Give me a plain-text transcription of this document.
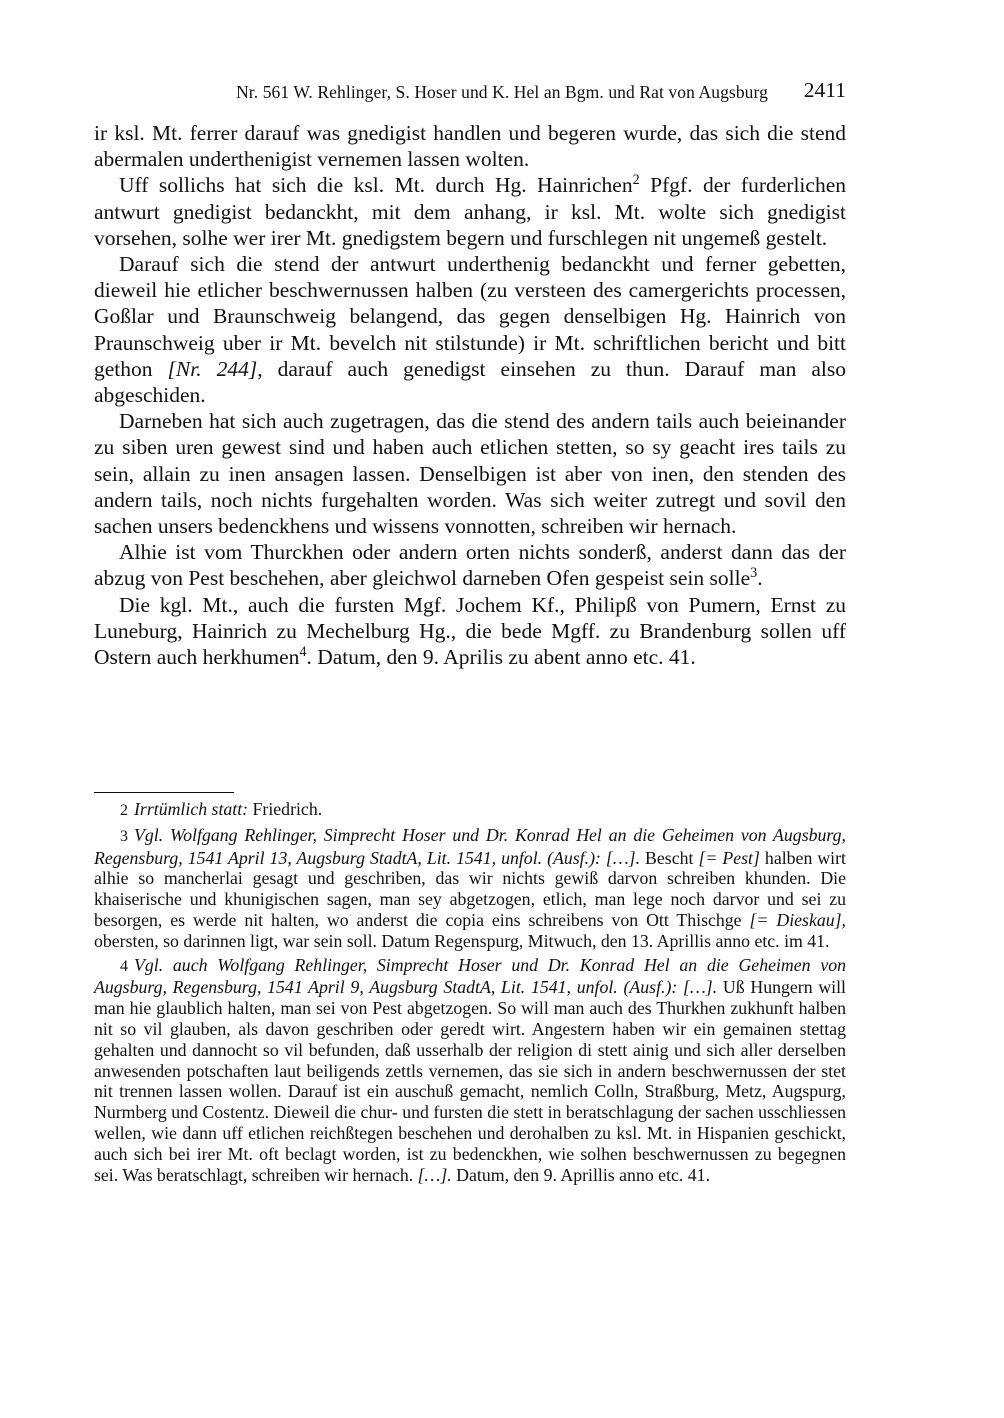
Nr. 561 W. Rehlinger, S. Hoser und K. Hel an Bgm. und Rat von Augsburg 2411

ir ksl. Mt. ferrer darauf was gnedigist handlen und begeren wurde, das sich die stend abermalen underthenigist vernemen lassen wolten.

Uff sollichs hat sich die ksl. Mt. durch Hg. Hainrichen$^2$ Pfgf. der furderlichen antwurt gnedigist bedanckht, mit dem anhang, ir ksl. Mt. wolte sich gnedigist vorsehen, solhe wer irer Mt. gnedigstem begern und furschlegen nit ungemeß gestelt.

Darauf sich die stend der antwurt underthenig bedanckht und ferner gebetten, dieweil hie etlicher beschwernussen halben (zu versteen des camergerichts processen, Goßlar und Braunschweig belangend, das gegen denselbigen Hg. Hainrich von Praunschweig uber ir Mt. bevelch nit stilstunde) ir Mt. schriftlichen bericht und bitt gethon [Nr. 244], darauf auch genedigst einsehen zu thun. Darauf man also abgeschiden.

Darneben hat sich auch zugetragen, das die stend des andern tails auch beieinander zu siben uren gewest sind und haben auch etlichen stetten, so sy geacht ires tails zu sein, allain zu inen ansagen lassen. Denselbigen ist aber von inen, den stenden des andern tails, noch nichts furgehalten worden. Was sich weiter zutregt und sovil den sachen unsers bedenckhens und wissens vonnotten, schreiben wir hernach.

Alhie ist vom Thurckhen oder andern orten nichts sonderß, anderst dann das der abzug von Pest beschehen, aber gleichwol darneben Ofen gespeist sein solle$^3$.

Die kgl. Mt., auch die fursten Mgf. Jochem Kf., Philipß von Pumern, Ernst zu Luneburg, Hainrich zu Mechelburg Hg., die bede Mgff. zu Brandenburg sollen uff Ostern auch herkhumen$^4$. Datum, den 9. Aprilis zu abent anno etc. 41.

2 Irrtümlich statt: Friedrich.

3 Vgl. Wolfgang Rehlinger, Simprecht Hoser und Dr. Konrad Hel an die Geheimen von Augsburg, Regensburg, 1541 April 13, Augsburg StadtA, Lit. 1541, unfol. (Ausf.): […]. Bescht [= Pest] halben wirt alhie so mancherlai gesagt und geschriben, das wir nichts gewiß darvon schreiben khunden. Die khaiserische und khunigischen sagen, man sey abgetzogen, etlich, man lege noch darvor und sei zu besorgen, es werde nit halten, wo anderst die copia eins schreibens von Ott Thischge [= Dieskau], obersten, so darinnen ligt, war sein soll. Datum Regenspurg, Mitwuch, den 13. Aprillis anno etc. im 41.

4 Vgl. auch Wolfgang Rehlinger, Simprecht Hoser und Dr. Konrad Hel an die Geheimen von Augsburg, Regensburg, 1541 April 9, Augsburg StadtA, Lit. 1541, unfol. (Ausf.): […]. Uß Hungern will man hie glaublich halten, man sei von Pest abgetzogen. So will man auch des Thurkhen zukhunft halben nit so vil glauben, als davon geschriben oder geredt wirt. Angestern haben wir ein gemainen stettag gehalten und dannocht so vil befunden, daß usserhalb der religion di stett ainig und sich aller derselben anwesenden potschaften laut beiligends zettls vernemen, das sie sich in andern beschwernussen der stet nit trennen lassen wollen. Darauf ist ein auschuß gemacht, nemlich Colln, Straßburg, Metz, Augspurg, Nurmberg und Costentz. Dieweil die chur- und fursten die stett in beratschlagung der sachen usschliessen wellen, wie dann uff etlichen reichßtegen beschehen und derohalben zu ksl. Mt. in Hispanien geschickt, auch sich bei irer Mt. oft beclagt worden, ist zu bedenckhen, wie solhen beschwernussen zu begegnen sei. Was beratschlagt, schreiben wir hernach. […]. Datum, den 9. Aprillis anno etc. 41.
